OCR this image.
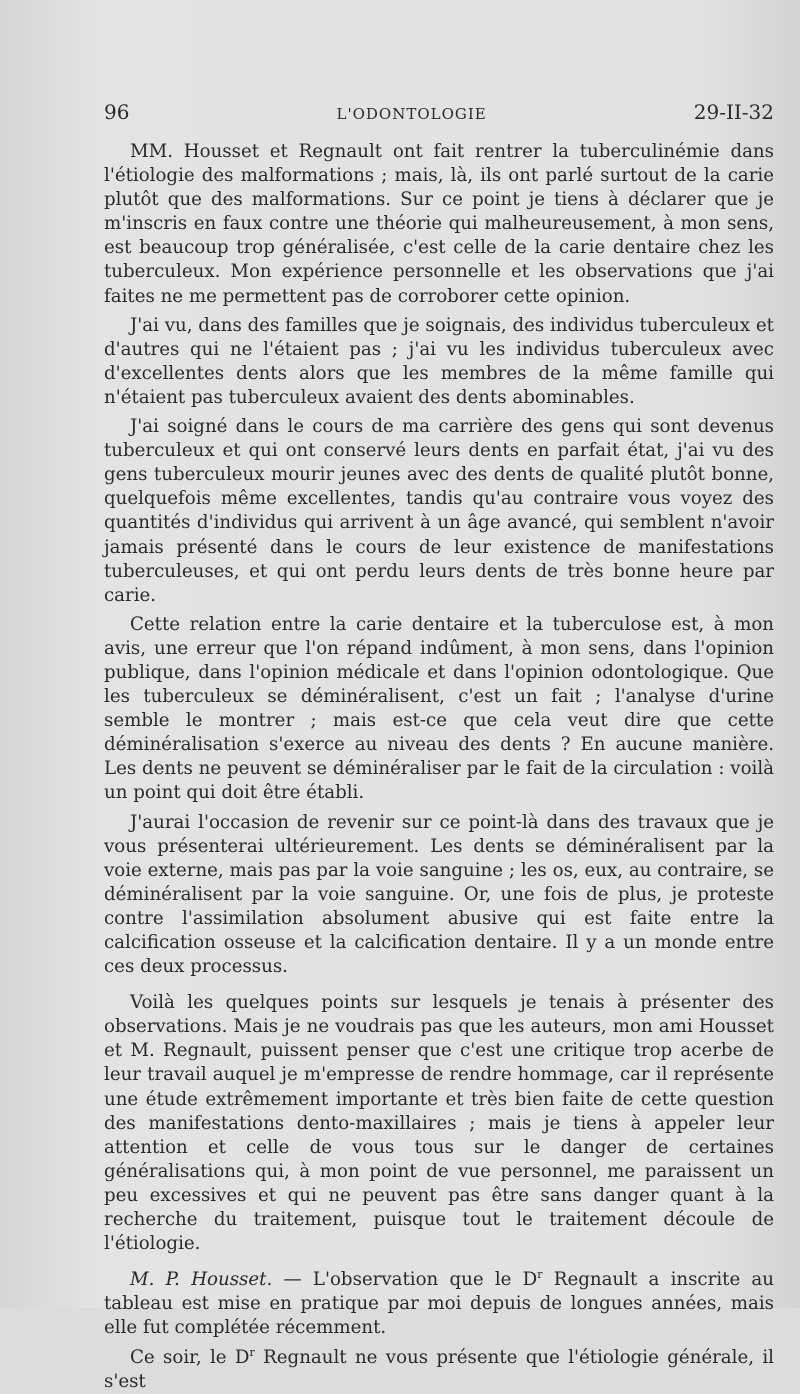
96	L'ODONTOLOGIE	29-II-32

MM. Housset et Regnault ont fait rentrer la tuberculinémie dans l'étiologie des malformations ; mais, là, ils ont parlé surtout de la carie plutôt que des malformations. Sur ce point je tiens à déclarer que je m'inscris en faux contre une théorie qui malheureusement, à mon sens, est beaucoup trop généralisée, c'est celle de la carie dentaire chez les tuberculeux. Mon expérience personnelle et les observations que j'ai faites ne me permettent pas de corroborer cette opinion.

J'ai vu, dans des familles que je soignais, des individus tuberculeux et d'autres qui ne l'étaient pas ; j'ai vu les individus tuberculeux avec d'excellentes dents alors que les membres de la même famille qui n'étaient pas tuberculeux avaient des dents abominables.

J'ai soigné dans le cours de ma carrière des gens qui sont devenus tuberculeux et qui ont conservé leurs dents en parfait état, j'ai vu des gens tuberculeux mourir jeunes avec des dents de qualité plutôt bonne, quelquefois même excellentes, tandis qu'au contraire vous voyez des quantités d'individus qui arrivent à un âge avancé, qui semblent n'avoir jamais présenté dans le cours de leur existence de manifestations tuberculeuses, et qui ont perdu leurs dents de très bonne heure par carie.

Cette relation entre la carie dentaire et la tuberculose est, à mon avis, une erreur que l'on répand indûment, à mon sens, dans l'opinion publique, dans l'opinion médicale et dans l'opinion odontologique. Que les tuberculeux se déminéralisent, c'est un fait ; l'analyse d'urine semble le montrer ; mais est-ce que cela veut dire que cette déminéralisation s'exerce au niveau des dents ? En aucune manière. Les dents ne peuvent se déminéraliser par le fait de la circulation : voilà un point qui doit être établi.

J'aurai l'occasion de revenir sur ce point-là dans des travaux que je vous présenterai ultérieurement. Les dents se déminéralisent par la voie externe, mais pas par la voie sanguine ; les os, eux, au contraire, se déminéralisent par la voie sanguine. Or, une fois de plus, je proteste contre l'assimilation absolument abusive qui est faite entre la calcification osseuse et la calcification dentaire. Il y a un monde entre ces deux processus.

Voilà les quelques points sur lesquels je tenais à présenter des observations. Mais je ne voudrais pas que les auteurs, mon ami Housset et M. Regnault, puissent penser que c'est une critique trop acerbe de leur travail auquel je m'empresse de rendre hommage, car il représente une étude extrêmement importante et très bien faite de cette question des manifestations dento-maxillaires ; mais je tiens à appeler leur attention et celle de vous tous sur le danger de certaines généralisations qui, à mon point de vue personnel, me paraissent un peu excessives et qui ne peuvent pas être sans danger quant à la recherche du traitement, puisque tout le traitement découle de l'étiologie.

M. P. Housset. — L'observation que le $D^r$ Regnault a inscrite au tableau est mise en pratique par moi depuis de longues années, mais elle fut complétée récemment.

Ce soir, le $D^r$ Regnault ne vous présente que l'étiologie générale, il s'est
